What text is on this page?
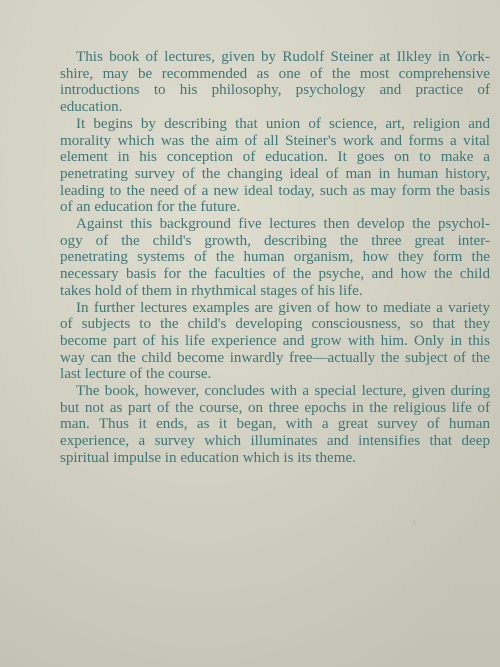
This book of lectures, given by Rudolf Steiner at Ilkley in York-
shire, may be recommended as one of the most comprehensive
introductions to his philosophy, psychology and practice of
education.

It begins by describing that union of science, art, religion and
morality which was the aim of all Steiner's work and forms a vital
element in his conception of education. It goes on to make a
penetrating survey of the changing ideal of man in human history,
leading to the need of a new ideal today, such as may form the basis
of an education for the future.

Against this background five lectures then develop the psychol-
ogy of the child's growth, describing the three great inter-
penetrating systems of the human organism, how they form the
necessary basis for the faculties of the psyche, and how the child
takes hold of them in rhythmical stages of his life.

In further lectures examples are given of how to mediate a variety
of subjects to the child's developing consciousness, so that they
become part of his life experience and grow with him. Only in this
way can the child become inwardly free—actually the subject of the
last lecture of the course.

The book, however, concludes with a special lecture, given during
but not as part of the course, on three epochs in the religious life of
man. Thus it ends, as it began, with a great survey of human
experience, a survey which illuminates and intensifies that deep
spiritual impulse in education which is its theme.

· ·
